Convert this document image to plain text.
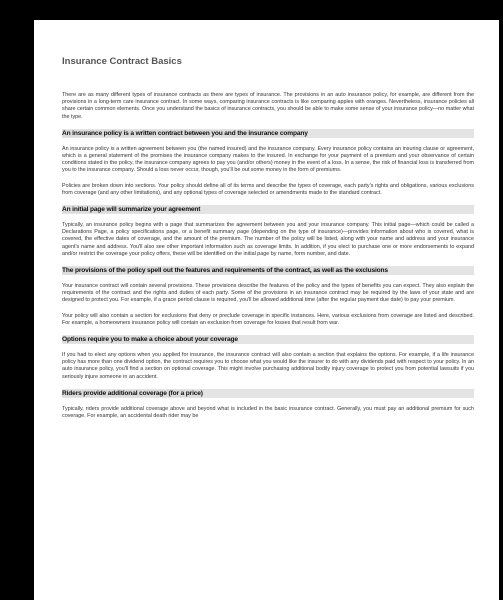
Insurance Contract Basics

There are as many different types of insurance contracts as there are types of insurance. The provisions in an auto insurance policy, for example, are different from the provisions in a long-term care insurance contract. In some ways, comparing insurance contracts is like comparing apples with oranges. Nevertheless, insurance policies all share certain common elements. Once you understand the basics of insurance contracts, you should be able to make some sense of your insurance policy—no matter what the type.

An insurance policy is a written contract between you and the insurance company

An insurance policy is a written agreement between you (the named insured) and the insurance company. Every insurance policy contains an insuring clause or agreement, which is a general statement of the promises the insurance company makes to the insured. In exchange for your payment of a premium and your observance of certain conditions stated in the policy, the insurance company agrees to pay you (and/or others) money in the event of a loss. In a sense, the risk of financial loss is transferred from you to the insurance company. Should a loss never occur, though, you'll be out some money in the form of premiums.

Policies are broken down into sections. Your policy should define all of its terms and describe the types of coverage, each party's rights and obligations, various exclusions from coverage (and any other limitations), and any optional types of coverage selected or amendments made to the standard contract.

An initial page will summarize your agreement

Typically, an insurance policy begins with a page that summarizes the agreement between you and your insurance company. This initial page—which could be called a Declarations Page, a policy specifications page, or a benefit summary page (depending on the type of insurance)—provides information about who is covered, what is covered, the effective dates of coverage, and the amount of the premium. The number of the policy will be listed, along with your name and address and your insurance agent's name and address. You'll also see other important information such as coverage limits. In addition, if you elect to purchase one or more endorsements to expand and/or restrict the coverage your policy offers, these will be identified on the initial page by name, form number, and date.

The provisions of the policy spell out the features and requirements of the contract, as well as the exclusions

Your insurance contract will contain several provisions. These provisions describe the features of the policy and the types of benefits you can expect. They also explain the requirements of the contract and the rights and duties of each party. Some of the provisions in an insurance contract may be required by the laws of your state and are designed to protect you. For example, if a grace period clause is required, you'll be allowed additional time (after the regular payment due date) to pay your premium.

Your policy will also contain a section for exclusions that deny or preclude coverage in specific instances. Here, various exclusions from coverage are listed and described. For example, a homeowners insurance policy will contain an exclusion from coverage for losses that result from war.

Options require you to make a choice about your coverage

If you had to elect any options when you applied for insurance, the insurance contract will also contain a section that explains the options. For example, if a life insurance policy has more than one dividend option, the contract requires you to choose what you would like the insurer to do with any dividends paid with respect to your policy. In an auto insurance policy, you'll find a section on optional coverage. This might involve purchasing additional bodily injury coverage to protect you from potential lawsuits if you seriously injure someone in an accident.

Riders provide additional coverage (for a price)

Typically, riders provide additional coverage above and beyond what is included in the basic insurance contract. Generally, you must pay an additional premium for such coverage. For example, an accidental death rider may be
